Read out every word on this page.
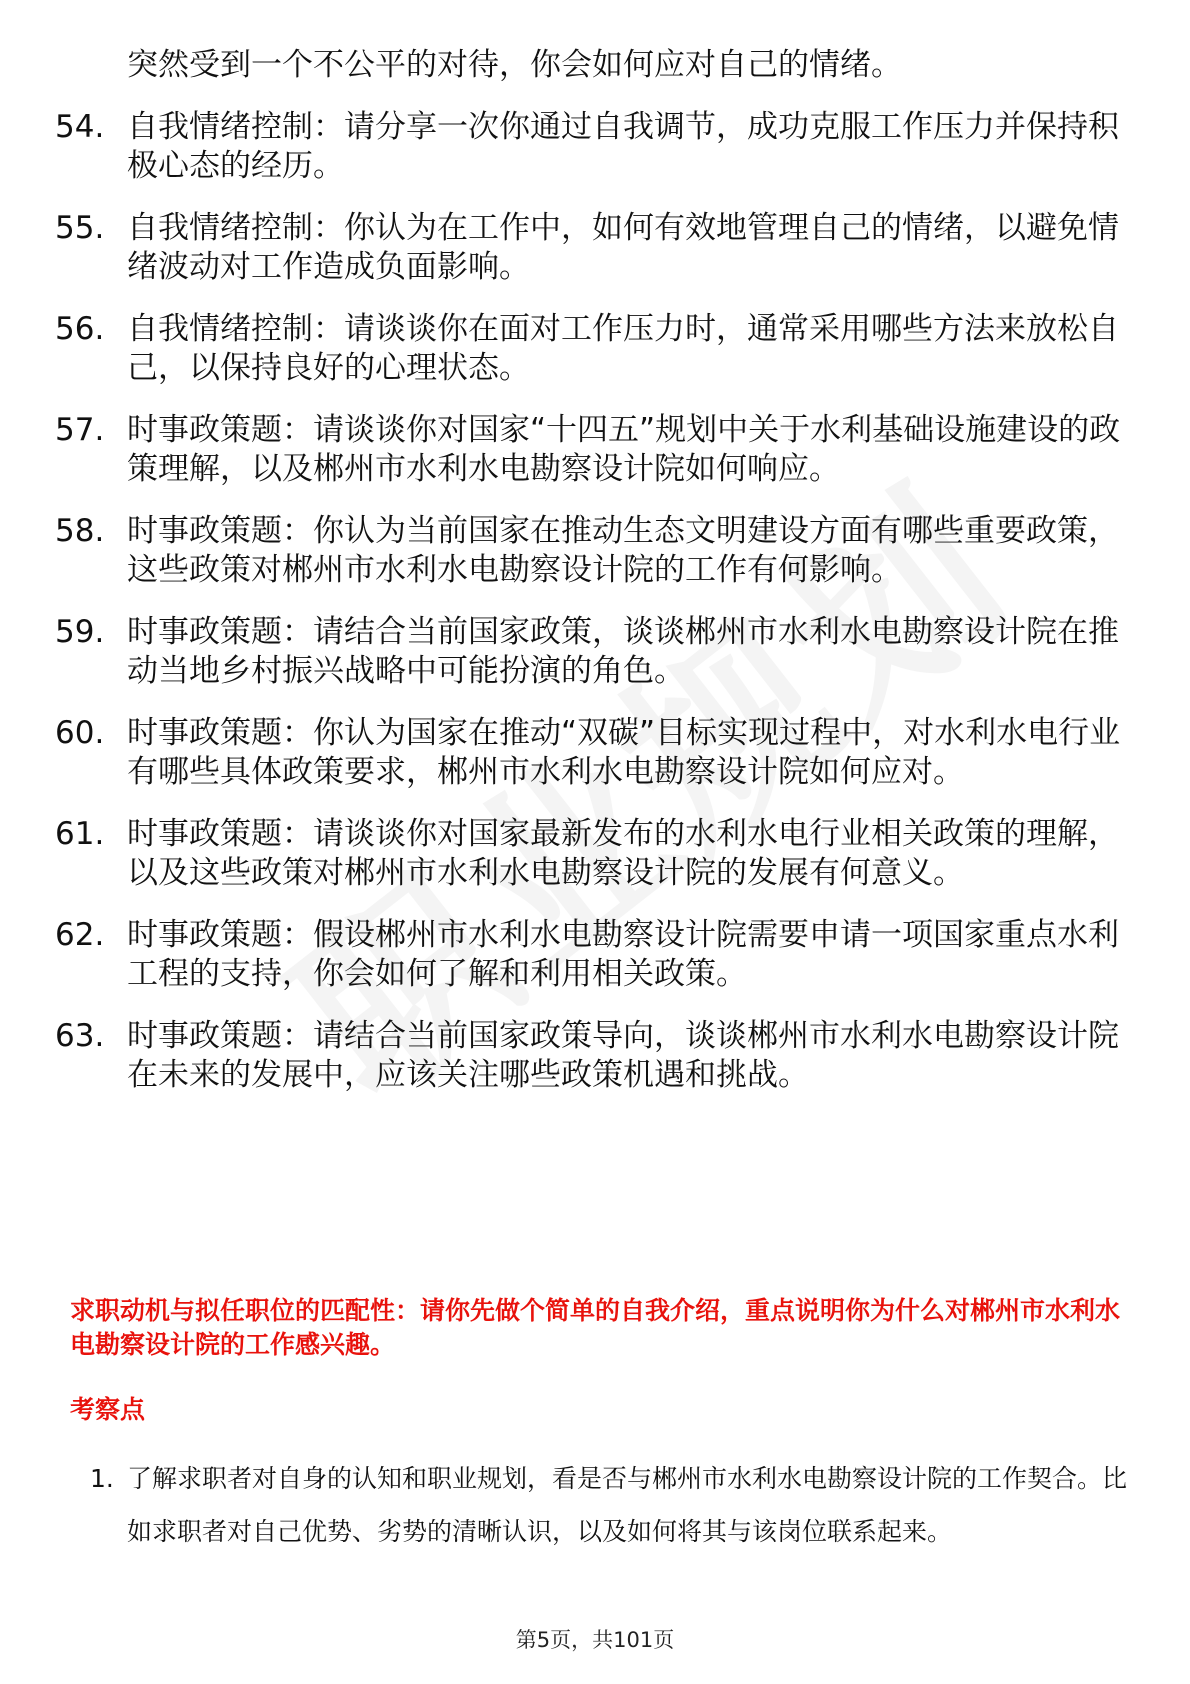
突然受到一个不公平的对待，你会如何应对自己的情绪。
54. 自我情绪控制：请分享一次你通过自我调节，成功克服工作压力并保持积极心态的经历。
55. 自我情绪控制：你认为在工作中，如何有效地管理自己的情绪，以避免情绪波动对工作造成负面影响。
56. 自我情绪控制：请谈谈你在面对工作压力时，通常采用哪些方法来放松自己，以保持良好的心理状态。
57. 时事政策题：请谈谈你对国家“十四五”规划中关于水利基础设施建设的政策理解，以及郴州市水利水电勘察设计院如何响应。
58. 时事政策题：你认为当前国家在推动生态文明建设方面有哪些重要政策，这些政策对郴州市水利水电勘察设计院的工作有何影响。
59. 时事政策题：请结合当前国家政策，谈谈郴州市水利水电勘察设计院在推动当地乡村振兴战略中可能扮演的角色。
60. 时事政策题：你认为国家在推动“双碳”目标实现过程中，对水利水电行业有哪些具体政策要求，郴州市水利水电勘察设计院如何应对。
61. 时事政策题：请谈谈你对国家最新发布的水利水电行业相关政策的理解，以及这些政策对郴州市水利水电勘察设计院的发展有何意义。
62. 时事政策题：假设郴州市水利水电勘察设计院需要申请一项国家重点水利工程的支持，你会如何了解和利用相关政策。
63. 时事政策题：请结合当前国家政策导向，谈谈郴州市水利水电勘察设计院在未来的发展中，应该关注哪些政策机遇和挑战。
求职动机与拟任职位的匹配性：请你先做个简单的自我介绍，重点说明你为什么对郴州市水利水电勘察设计院的工作感兴趣。
考察点
1. 了解求职者对自身的认知和职业规划，看是否与郴州市水利水电勘察设计院的工作契合。比如求职者对自己优势、劣势的清晰认识，以及如何将其与该岗位联系起来。
第5页，共101页
